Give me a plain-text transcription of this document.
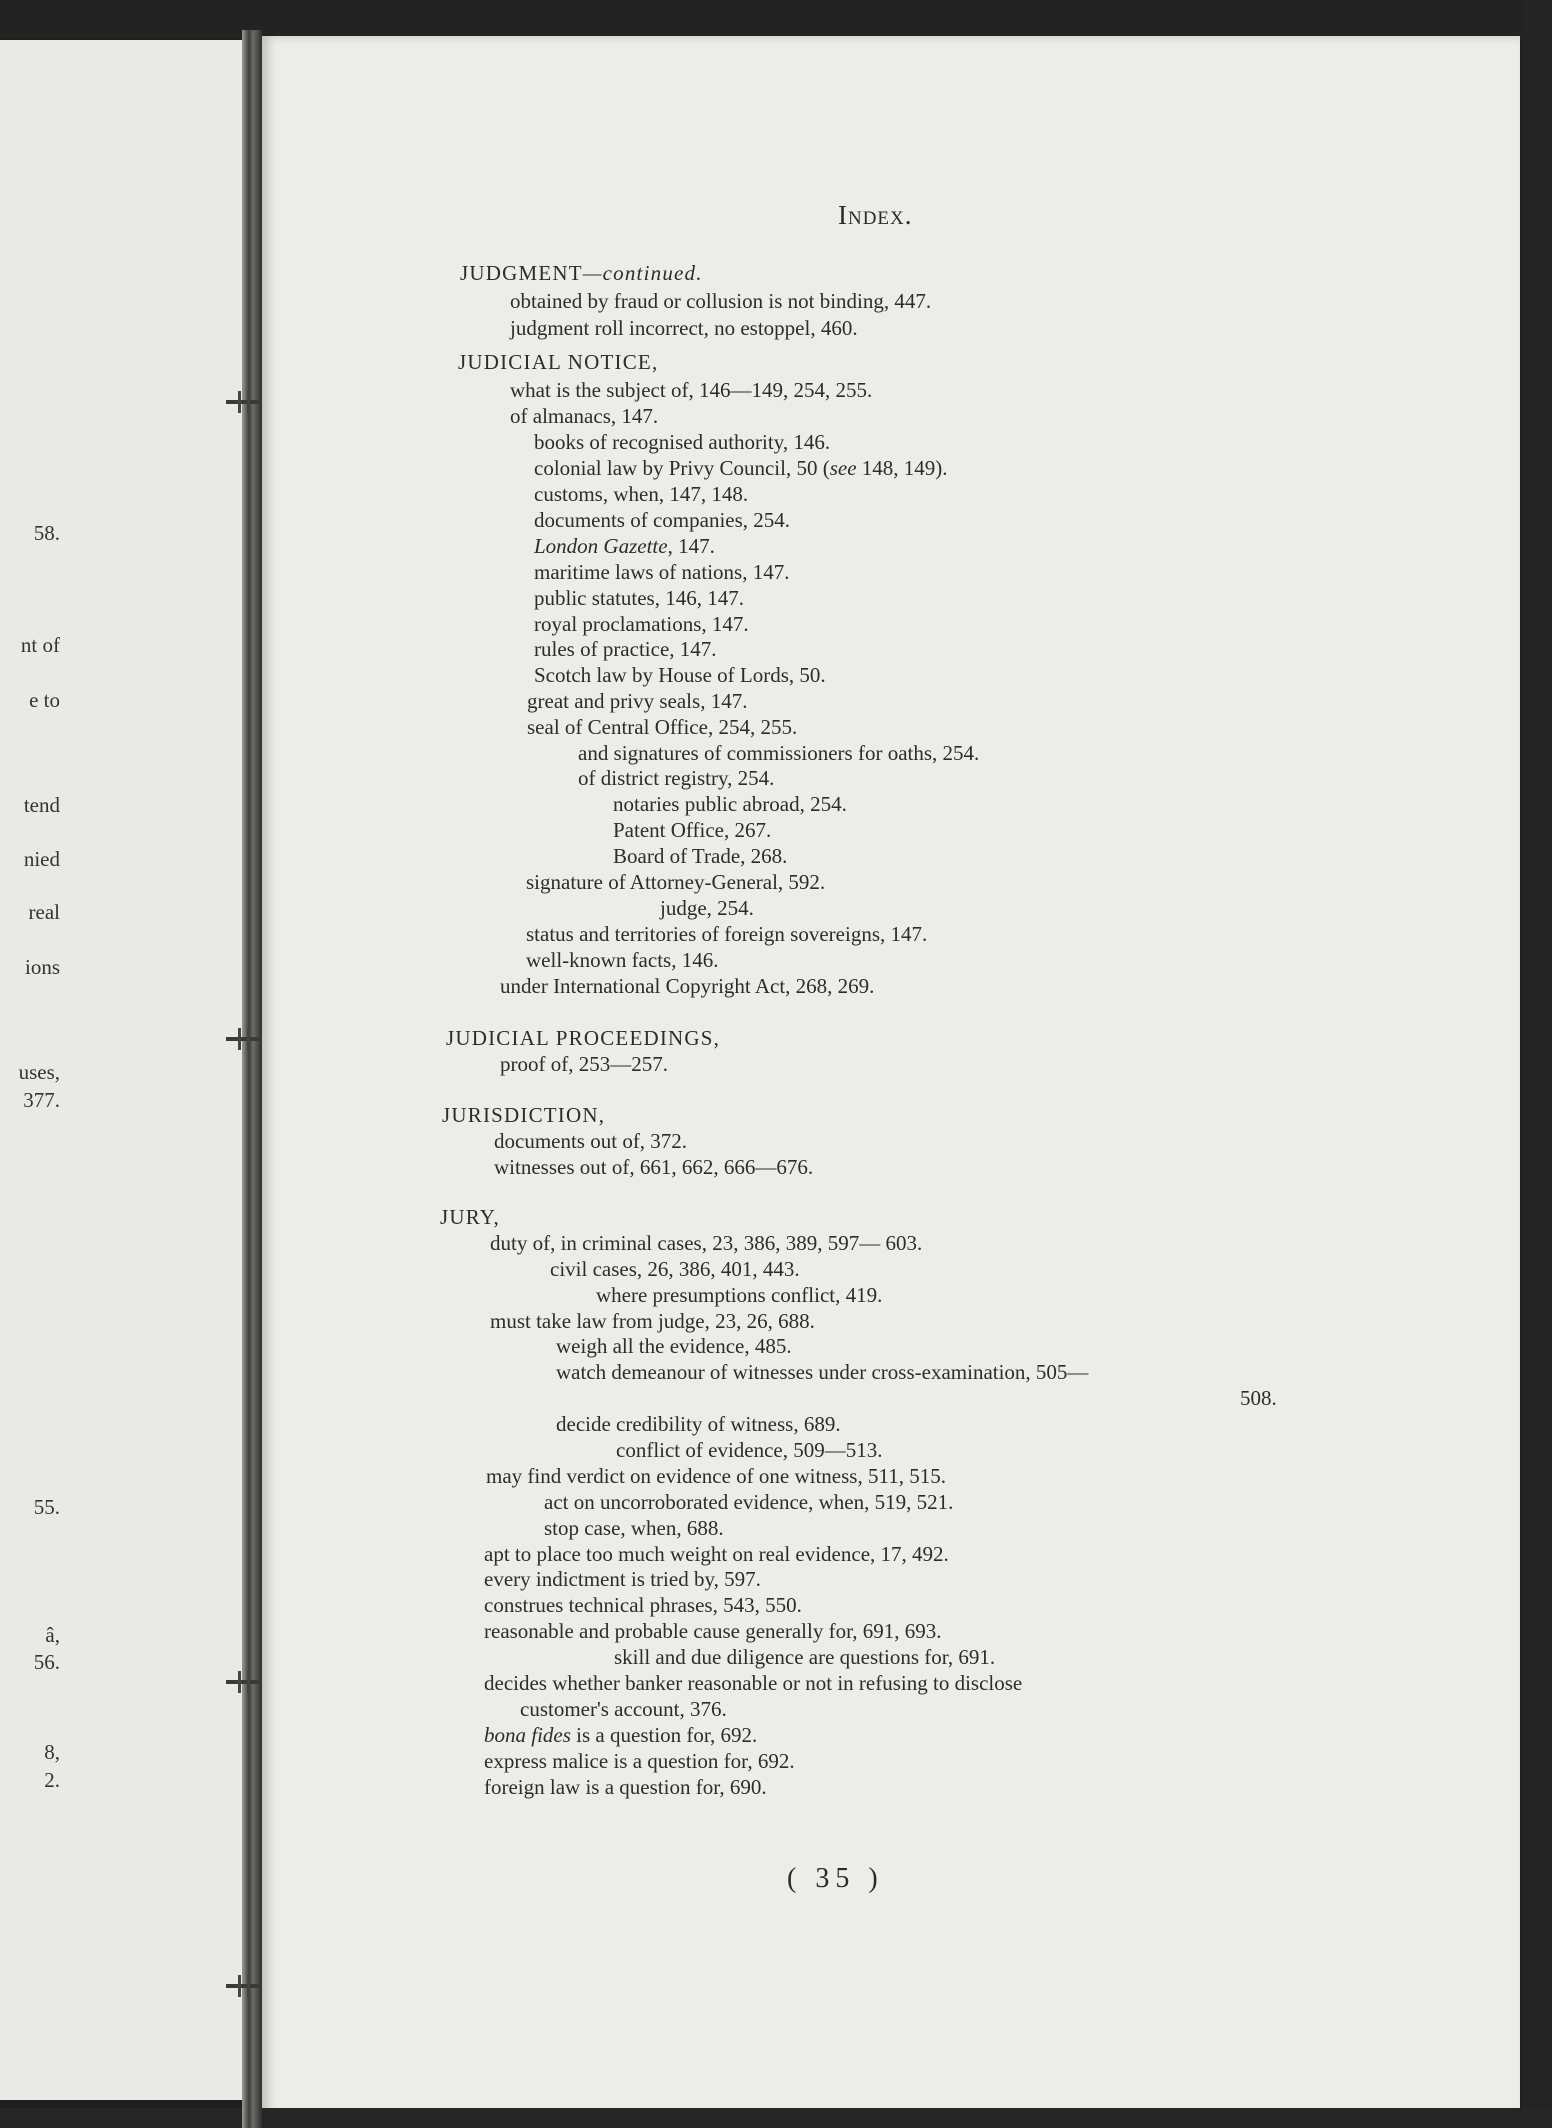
58.
nt of
e to
tend
nied
real
ions
uses,
377.
55.
â,
56.
8,
2.
Index.
JUDGMENT—continued.
obtained by fraud or collusion is not binding, 447.
judgment roll incorrect, no estoppel, 460.
JUDICIAL NOTICE,
what is the subject of, 146—149, 254, 255.
of almanacs, 147.
books of recognised authority, 146.
colonial law by Privy Council, 50 (see 148, 149).
customs, when, 147, 148.
documents of companies, 254.
London Gazette, 147.
maritime laws of nations, 147.
public statutes, 146, 147.
royal proclamations, 147.
rules of practice, 147.
Scotch law by House of Lords, 50.
great and privy seals, 147.
seal of Central Office, 254, 255.
and signatures of commissioners for oaths, 254.
of district registry, 254.
notaries public abroad, 254.
Patent Office, 267.
Board of Trade, 268.
signature of Attorney-General, 592.
judge, 254.
status and territories of foreign sovereigns, 147.
well-known facts, 146.
under International Copyright Act, 268, 269.
JUDICIAL PROCEEDINGS,
proof of, 253—257.
JURISDICTION,
documents out of, 372.
witnesses out of, 661, 662, 666—676.
JURY,
duty of, in criminal cases, 23, 386, 389, 597— 603.
civil cases, 26, 386, 401, 443.
where presumptions conflict, 419.
must take law from judge, 23, 26, 688.
weigh all the evidence, 485.
watch demeanour of witnesses under cross-examination, 505—
508.
decide credibility of witness, 689.
conflict of evidence, 509—513.
may find verdict on evidence of one witness, 511, 515.
act on uncorroborated evidence, when, 519, 521.
stop case, when, 688.
apt to place too much weight on real evidence, 17, 492.
every indictment is tried by, 597.
construes technical phrases, 543, 550.
reasonable and probable cause generally for, 691, 693.
skill and due diligence are questions for, 691.
decides whether banker reasonable or not in refusing to disclose
customer's account, 376.
bona fides is a question for, 692.
express malice is a question for, 692.
foreign law is a question for, 690.
( 35 )
